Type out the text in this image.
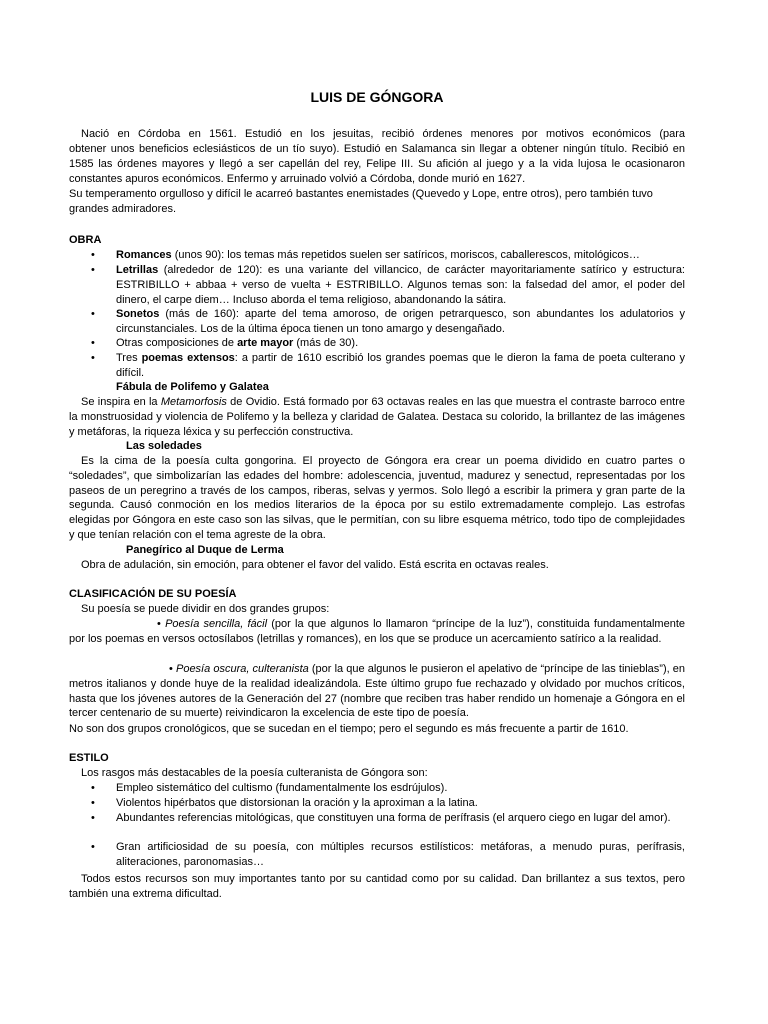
LUIS DE GÓNGORA
Nació en Córdoba en 1561. Estudió en los jesuitas, recibió órdenes menores por motivos económicos (para
obtener unos beneficios eclesiásticos de un tío suyo). Estudió en Salamanca sin llegar a obtener ningún título. Recibió en 1585 las órdenes mayores y llegó a ser capellán del rey, Felipe III. Su afición al juego y a la vida lujosa le ocasionaron constantes apuros económicos. Enfermo y arruinado volvió a Córdoba, donde murió en 1627.
Su temperamento orgulloso y difícil le acarreó bastantes enemistades (Quevedo y Lope, entre otros), pero también tuvo grandes admiradores.
OBRA
• Romances (unos 90): los temas más repetidos suelen ser satíricos, moriscos, caballerescos, mitológicos…
• Letrillas (alrededor de 120): es una variante del villancico, de carácter mayoritariamente satírico y estructura: ESTRIBILLO + abbaa + verso de vuelta + ESTRIBILLO. Algunos temas son: la falsedad del amor, el poder del dinero, el carpe diem… Incluso aborda el tema religioso, abandonando la sátira.
• Sonetos (más de 160): aparte del tema amoroso, de origen petrarquesco, son abundantes los adulatorios y circunstanciales. Los de la última época tienen un tono amargo y desengañado.
• Otras composiciones de arte mayor (más de 30).
• Tres poemas extensos: a partir de 1610 escribió los grandes poemas que le dieron la fama de poeta culterano y difícil.
Fábula de Polifemo y Galatea
Se inspira en la Metamorfosis de Ovidio. Está formado por 63 octavas reales en las que muestra el contraste barroco entre la monstruosidad y violencia de Polifemo y la belleza y claridad de Galatea. Destaca su colorido, la brillantez de las imágenes y metáforas, la riqueza léxica y su perfección constructiva.
Las soledades
Es la cima de la poesía culta gongorina. El proyecto de Góngora era crear un poema dividido en cuatro partes o “soledades”, que simbolizarían las edades del hombre: adolescencia, juventud, madurez y senectud, representadas por los paseos de un peregrino a través de los campos, riberas, selvas y yermos. Solo llegó a escribir la primera y gran parte de la segunda. Causó conmoción en los medios literarios de la época por su estilo extremadamente complejo. Las estrofas elegidas por Góngora en este caso son las silvas, que le permitían, con su libre esquema métrico, todo tipo de complejidades y que tenían relación con el tema agreste de la obra.
Panegírico al Duque de Lerma
Obra de adulación, sin emoción, para obtener el favor del valido. Está escrita en octavas reales.
CLASIFICACIÓN DE SU POESÍA
Su poesía se puede dividir en dos grandes grupos:
• Poesía sencilla, fácil (por la que algunos lo llamaron “príncipe de la luz”), constituida fundamentalmente por los poemas en versos octosílabos (letrillas y romances), en los que se produce un acercamiento satírico a la realidad.
• Poesía oscura, culteranista (por la que algunos le pusieron el apelativo de “príncipe de las tinieblas”), en metros italianos y donde huye de la realidad idealizándola. Este último grupo fue rechazado y olvidado por muchos críticos, hasta que los jóvenes autores de la Generación del 27 (nombre que reciben tras haber rendido un homenaje a Góngora en el tercer centenario de su muerte) reivindicaron la excelencia de este tipo de poesía.
No son dos grupos cronológicos, que se sucedan en el tiempo; pero el segundo es más frecuente a partir de 1610.
ESTILO
Los rasgos más destacables de la poesía culteranista de Góngora son:
• Empleo sistemático del cultismo (fundamentalmente los esdrújulos).
• Violentos hipérbatos que distorsionan la oración y la aproximan a la latina.
• Abundantes referencias mitológicas, que constituyen una forma de perífrasis (el arquero ciego en lugar del amor).
• Gran artificiosidad de su poesía, con múltiples recursos estilísticos: metáforas, a menudo puras, perífrasis, aliteraciones, paronomasias…
Todos estos recursos son muy importantes tanto por su cantidad como por su calidad. Dan brillantez a sus textos, pero también una extrema dificultad.
